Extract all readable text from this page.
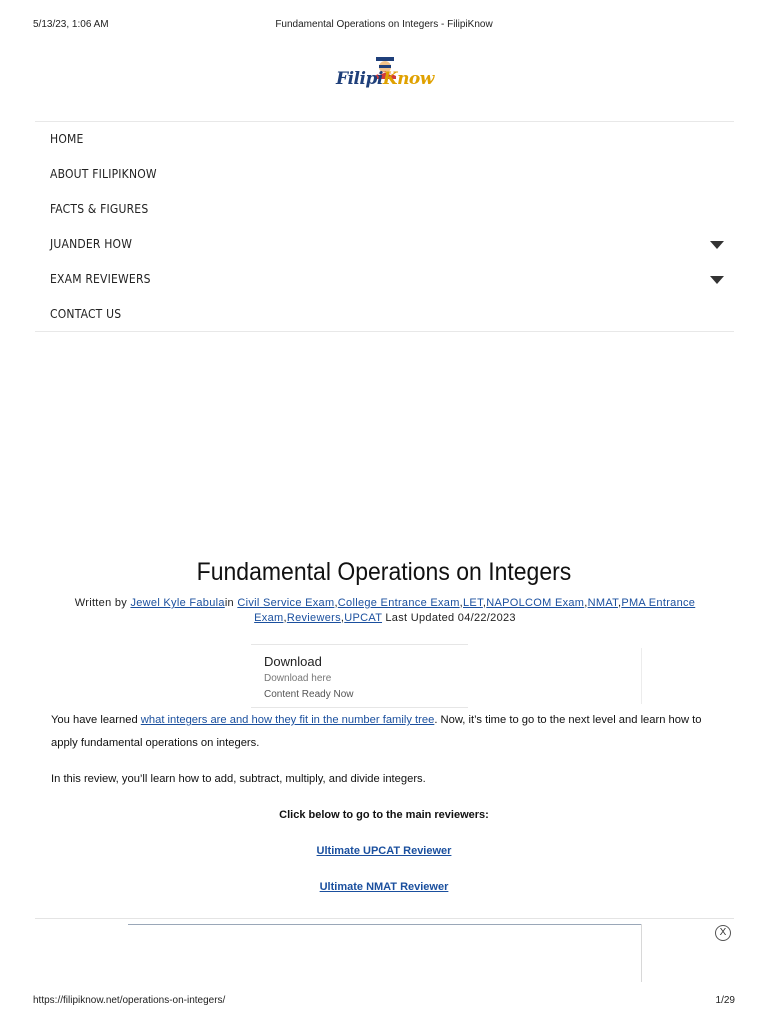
5/13/23, 1:06 AM	Fundamental Operations on Integers - FilipiKnow
FilipiKnow
HOME
ABOUT FILIPIKNOW
FACTS & FIGURES
JUANDER HOW
EXAM REVIEWERS
CONTACT US
Fundamental Operations on Integers
Written by Jewel Kyle Fabulain Civil Service Exam,College Entrance Exam,LET,NAPOLCOM Exam,NMAT,PMA Entrance Exam,Reviewers,UPCAT Last Updated 04/22/2023
Download
Download here
Content Ready Now

You have learned what integers are and how they fit in the number family tree. Now, it’s time to go to the next level and learn how to apply fundamental operations on integers.

In this review, you’ll learn how to add, subtract, multiply, and divide integers.

Click below to go to the main reviewers:
Ultimate UPCAT Reviewer
Ultimate NMAT Reviewer
X
https://filipiknow.net/operations-on-integers/	1/29
